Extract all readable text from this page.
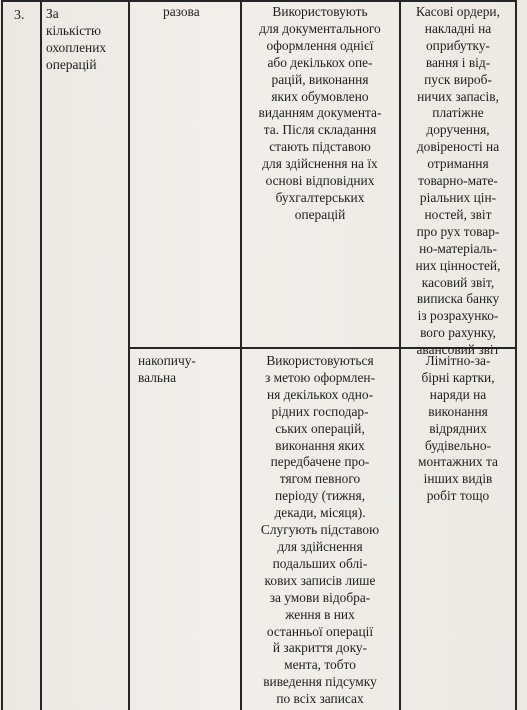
3. За
кількістю
охоплених
операцій
разова	Використовують
для документального
оформлення однієї
або декількох опе-
рацій, виконання
яких обумовлено
виданням документа-
та. Після складання
стають підставою
для здійснення на їх
основі відповідних
бухгалтерських
операцій
Касові ордери,
накладні на
оприбутку-
вання і від-
пуск вироб-
ничих запасів,
платіжне
доручення,
довіреності на
отримання
товарно-мате-
ріальних цін-
ностей, звіт
про рух товар-
но-матеріаль-
них цінностей,
касовий звіт,
виписка банку
із розрахунко-
вого рахунку,
авансовий звіт
накопичу-
вальна
Використовуються
з метою оформлен-
ня декількох одно-
рідних господар-
ських операцій,
виконання яких
передбачене про-
тягом певного
періоду (тижня,
декади, місяця).
Слугують підставою
для здійснення
подальших облі-
кових записів лише
за умови відобра-
ження в них
останньої операції
й закриття доку-
мента, тобто
виведення підсумку
по всіх записах
Лімітно-за-
бірні картки,
наряди на
виконання
відрядних
будівельно-
монтажних та
інших видів
робіт тощо
